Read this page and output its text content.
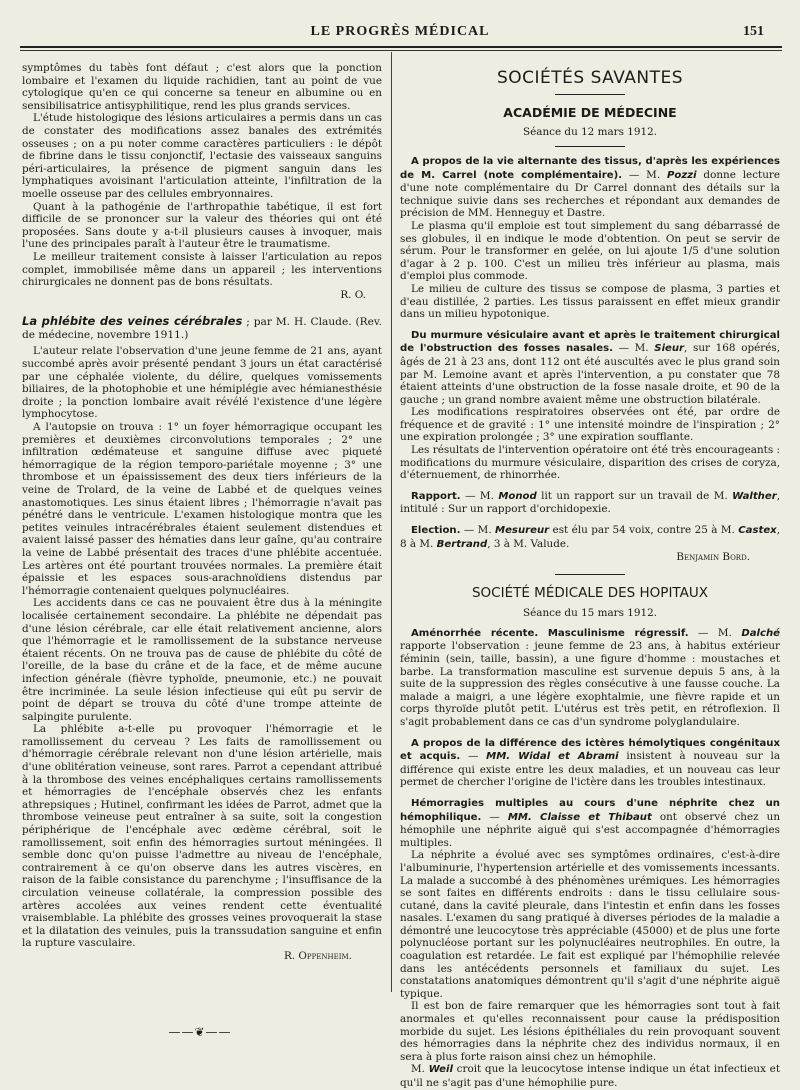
LE PROGRÈS MÉDICAL	151

symptômes du tabès font défaut ; c'est alors que la ponction lombaire et l'examen du liquide rachidien, tant au point de vue cytologique qu'en ce qui concerne sa teneur en albumine ou en sensibilisatrice antisyphilitique, rend les plus grands services.

L'étude histologique des lésions articulaires a permis dans un cas de constater des modifications assez banales des extrémités osseuses ; on a pu noter comme caractères particuliers : le dépôt de fibrine dans le tissu conjonctif, l'ectasie des vaisseaux sanguins péri-articulaires, la présence de pigment sanguin dans les lymphatiques avoisinant l'articulation atteinte, l'infiltration de la moelle osseuse par des cellules embryonnaires.

Quant à la pathogénie de l'arthropathie tabétique, il est fort difficile de se prononcer sur la valeur des théories qui ont été proposées. Sans doute y a-t-il plusieurs causes à invoquer, mais l'une des principales paraît à l'auteur être le traumatisme.

Le meilleur traitement consiste à laisser l'articulation au repos complet, immobilisée même dans un appareil ; les interventions chirurgicales ne donnent pas de bons résultats.

R. O.

La phlébite des veines cérébrales ; par M. H. Claude. (Rev. de médecine, novembre 1911.)

L'auteur relate l'observation d'une jeune femme de 21 ans, ayant succombé après avoir présenté pendant 3 jours un état caractérisé par une céphalée violente, du délire, quelques vomissements biliaires, de la photophobie et une hémiplégie avec hémianesthésie droite ; la ponction lombaire avait révélé l'existence d'une légère lymphocytose.

A l'autopsie on trouva : 1° un foyer hémorragique occupant les premières et deuxièmes circonvolutions temporales ; 2° une infiltration œdémateuse et sanguine diffuse avec piqueté hémorragique de la région temporo-pariétale moyenne ; 3° une thrombose et un épaississement des deux tiers inférieurs de la veine de Trolard, de la veine de Labbé et de quelques veines anastomotiques. Les sinus étaient libres ; l'hémorragie n'avait pas pénétré dans le ventricule. L'examen histologique montra que les petites veinules intracérébrales étaient seulement distendues et avaient laissé passer des hématies dans leur gaîne, qu'au contraire la veine de Labbé présentait des traces d'une phlébite accentuée. Les artères ont été pourtant trouvées normales. La première était épaissie et les espaces sous-arachnoïdiens distendus par l'hémorragie contenaient quelques polynucléaires.

Les accidents dans ce cas ne pouvaient être dus à la méningite localisée certainement secondaire. La phlébite ne dépendait pas d'une lésion cérébrale, car elle était relativement ancienne, alors que l'hémorragie et le ramollissement de la substance nerveuse étaient récents. On ne trouva pas de cause de phlébite du côté de l'oreille, de la base du crâne et de la face, et de même aucune infection générale (fièvre typhoïde, pneumonie, etc.) ne pouvait être incriminée. La seule lésion infectieuse qui eût pu servir de point de départ se trouva du côté d'une trompe atteinte de salpingite purulente.

La phlébite a-t-elle pu provoquer l'hémorragie et le ramollissement du cerveau ? Les faits de ramollissement ou d'hémorragie cérébrale relevant non d'une lésion artérielle, mais d'une oblitération veineuse, sont rares. Parrot a cependant attribué à la thrombose des veines encéphaliques certains ramollissements et hémorragies de l'encéphale observés chez les enfants athrepsiques ; Hutinel, confirmant les idées de Parrot, admet que la thrombose veineuse peut entraîner à sa suite, soit la congestion périphérique de l'encéphale avec œdème cérébral, soit le ramollissement, soit enfin des hémorragies surtout méningées. Il semble donc qu'on puisse l'admettre au niveau de l'encéphale, contrairement à ce qu'on observe dans les autres viscères, en raison de la faible consistance du parenchyme ; l'insuffisance de la circulation veineuse collatérale, la compression possible des artères accolées aux veines rendent cette éventualité vraisemblable. La phlébite des grosses veines provoquerait la stase et la dilatation des veinules, puis la transsudation sanguine et enfin la rupture vasculaire.

R. Oppenheim.

——❦——
SOCIÉTÉS SAVANTES
ACADÉMIE DE MÉDECINE
Séance du 12 mars 1912.

A propos de la vie alternante des tissus, d'après les expériences de M. Carrel (note complémentaire). — M. Pozzi donne lecture d'une note complémentaire du Dr Carrel donnant des détails sur la technique suivie dans ses recherches et répondant aux demandes de précision de MM. Henneguy et Dastre.

Le plasma qu'il emploie est tout simplement du sang débarrassé de ses globules, il en indique le mode d'obtention. On peut se servir de sérum. Pour le transformer en gelée, on lui ajoute 1/5 d'une solution d'agar à 2 p. 100. C'est un milieu très inférieur au plasma, mais d'emploi plus commode.

Le milieu de culture des tissus se compose de plasma, 3 parties et d'eau distillée, 2 parties. Les tissus paraissent en effet mieux grandir dans un milieu hypotonique.

Du murmure vésiculaire avant et après le traitement chirurgical de l'obstruction des fosses nasales. — M. Sieur, sur 168 opérés, âgés de 21 à 23 ans, dont 112 ont été auscultés avec le plus grand soin par M. Lemoine avant et après l'intervention, a pu constater que 78 étaient atteints d'une obstruction de la fosse nasale droite, et 90 de la gauche ; un grand nombre avaient même une obstruction bilatérale.

Les modifications respiratoires observées ont été, par ordre de fréquence et de gravité : 1° une intensité moindre de l'inspiration ; 2° une expiration prolongée ; 3° une expiration soufflante.

Les résultats de l'intervention opératoire ont été très encourageants : modifications du murmure vésiculaire, disparition des crises de coryza, d'éternuement, de rhinorrhée.

Rapport. — M. Monod lit un rapport sur un travail de M. Walther, intitulé : Sur un rapport d'orchidopexie.

Election. — M. Mesureur est élu par 54 voix, contre 25 à M. Castex, 8 à M. Bertrand, 3 à M. Valude.

Benjamin Bord.

SOCIÉTÉ MÉDICALE DES HOPITAUX
Séance du 15 mars 1912.

Aménorrhée récente. Masculinisme régressif. — M. Dalché rapporte l'observation : jeune femme de 23 ans, à habitus extérieur féminin (sein, taille, bassin), a une figure d'homme : moustaches et barbe. La transformation masculine est survenue depuis 5 ans, à la suite de la suppression des règles consécutive à une fausse couche. La malade a maigri, a une légère exophtalmie, une fièvre rapide et un corps thyroïde plutôt petit. L'utérus est très petit, en rétroflexion. Il s'agit probablement dans ce cas d'un syndrome polyglandulaire.

A propos de la différence des ictères hémolytiques congénitaux et acquis. — MM. Widal et Abrami insistent à nouveau sur la différence qui existe entre les deux maladies, et un nouveau cas leur permet de chercher l'origine de l'ictère dans les troubles intestinaux.

Hémorragies multiples au cours d'une néphrite chez un hémophilique. — MM. Claisse et Thibaut ont observé chez un hémophile une néphrite aiguë qui s'est accompagnée d'hémorragies multiples.

La néphrite a évolué avec ses symptômes ordinaires, c'est-à-dire l'albuminurie, l'hypertension artérielle et des vomissements incessants. La malade a succombé à des phénomènes urémiques. Les hémorragies se sont faites en différents endroits : dans le tissu cellulaire sous-cutané, dans la cavité pleurale, dans l'intestin et enfin dans les fosses nasales. L'examen du sang pratiqué à diverses périodes de la maladie a démontré une leucocytose très appréciable (45000) et de plus une forte polynucléose portant sur les polynucléaires neutrophiles. En outre, la coagulation est retardée. Le fait est expliqué par l'hémophilie relevée dans les antécédents personnels et familiaux du sujet. Les constatations anatomiques démontrent qu'il s'agit d'une néphrite aiguë typique.

Il est bon de faire remarquer que les hémorragies sont tout à fait anormales et qu'elles reconnaissent pour cause la prédisposition morbide du sujet. Les lésions épithéliales du rein provoquant souvent des hémorragies dans la néphrite chez des individus normaux, il en sera à plus forte raison ainsi chez un hémophile.

M. Weil croit que la leucocytose intense indique un état infectieux et qu'il ne s'agit pas d'une hémophilie pure.
